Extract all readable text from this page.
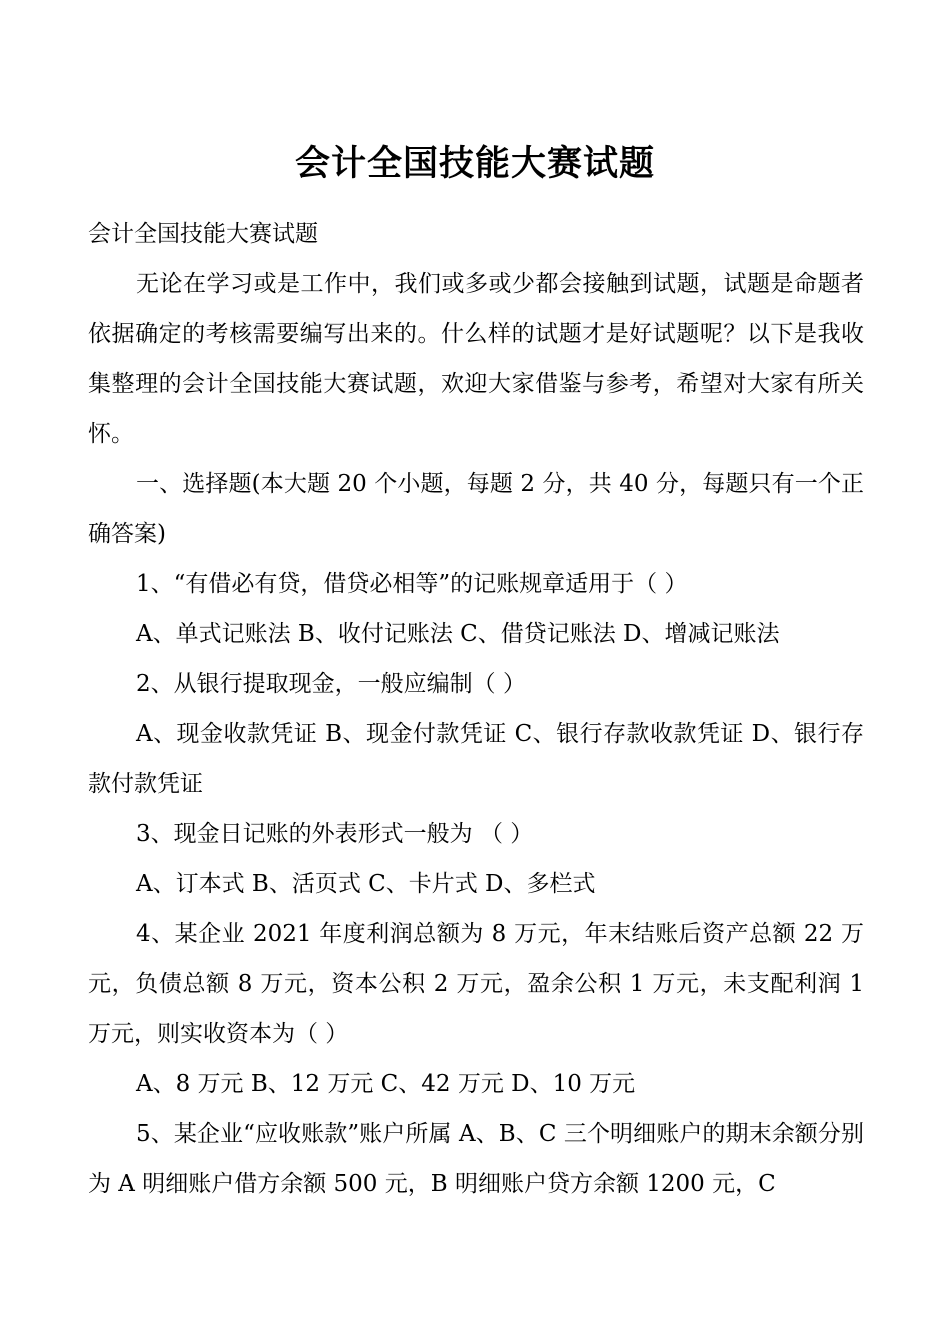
会计全国技能大赛试题

会计全国技能大赛试题

无论在学习或是工作中，我们或多或少都会接触到试题，试题是命题者依据确定的考核需要编写出来的。什么样的试题才是好试题呢？以下是我收集整理的会计全国技能大赛试题，欢迎大家借鉴与参考，希望对大家有所关怀。

一、选择题(本大题 20 个小题，每题 2 分，共 40 分，每题只有一个正确答案)

1、“有借必有贷，借贷必相等”的记账规章适用于（ ）

A、单式记账法 B、收付记账法 C、借贷记账法 D、增减记账法

2、从银行提取现金，一般应编制（ ）

A、现金收款凭证 B、现金付款凭证 C、银行存款收款凭证 D、银行存款付款凭证

3、现金日记账的外表形式一般为 （ ）

A、订本式 B、活页式 C、卡片式 D、多栏式

4、某企业 2021 年度利润总额为 8 万元，年末结账后资产总额 22 万元，负债总额 8 万元，资本公积 2 万元，盈余公积 1 万元，未支配利润 1 万元，则实收资本为（ ）

A、8 万元 B、12 万元 C、42 万元 D、10 万元

5、某企业“应收账款”账户所属 A、B、C 三个明细账户的期末余额分别为 A 明细账户借方余额 500 元，B 明细账户贷方余额 1200 元，C
